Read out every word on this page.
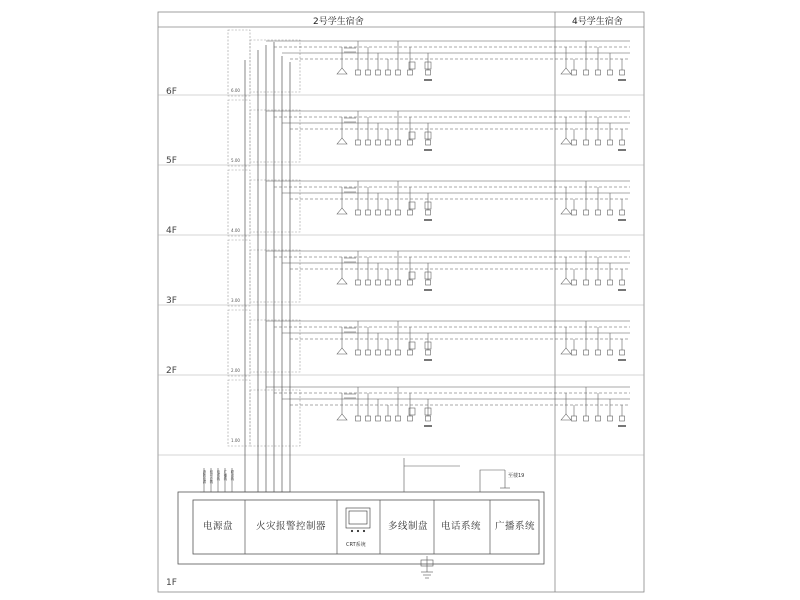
2号学生宿舍	4号学生宿舍
6F
5F
4F
3F
2F
1F
6.00
5.00
4.00
3.00
2.00
1.00
电源盘 火灾报警控制器
CRT系统
多线制盘 电话系统 广播系统
至楼19
消防电源 信号总线 电话线 广播线 联动线
